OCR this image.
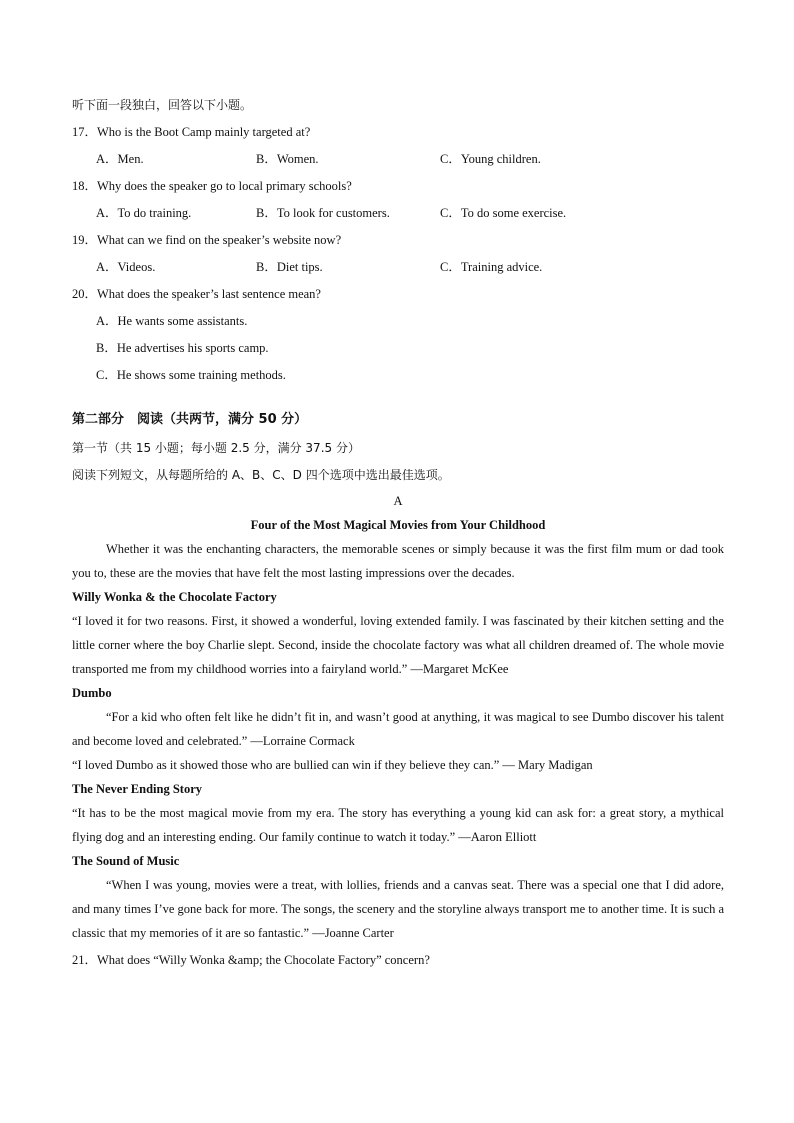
听下面一段独白，回答以下小题。
17．Who is the Boot Camp mainly targeted at?
A．Men.	B．Women.	C．Young children.
18．Why does the speaker go to local primary schools?
A．To do training.	B．To look for customers.	C．To do some exercise.
19．What can we find on the speaker’s website now?
A．Videos.	B．Diet tips.	C．Training advice.
20．What does the speaker’s last sentence mean?
A．He wants some assistants.
B．He advertises his sports camp.
C．He shows some training methods.
第二部分　阅读（共两节，满分 50 分）
第一节（共 15 小题；每小题 2.5 分，满分 37.5 分）
阅读下列短文，从每题所给的 A、B、C、D 四个选项中选出最佳选项。
A
Four of the Most Magical Movies from Your Childhood
Whether it was the enchanting characters, the memorable scenes or simply because it was the first film mum or dad took you to, these are the movies that have felt the most lasting impressions over the decades.
Willy Wonka & the Chocolate Factory
“I loved it for two reasons. First, it showed a wonderful, loving extended family. I was fascinated by their kitchen setting and the little corner where the boy Charlie slept. Second, inside the chocolate factory was what all children dreamed of. The whole movie transported me from my childhood worries into a fairyland world.” —Margaret McKee
Dumbo
“For a kid who often felt like he didn’t fit in, and wasn’t good at anything, it was magical to see Dumbo discover his talent and become loved and celebrated.” —Lorraine Cormack
“I loved Dumbo as it showed those who are bullied can win if they believe they can.” — Mary Madigan
The Never Ending Story
“It has to be the most magical movie from my era. The story has everything a young kid can ask for: a great story, a mythical flying dog and an interesting ending. Our family continue to watch it today.” —Aaron Elliott
The Sound of Music
“When I was young, movies were a treat, with lollies, friends and a canvas seat. There was a special one that I did adore, and many times I’ve gone back for more. The songs, the scenery and the storyline always transport me to another time. It is such a classic that my memories of it are so fantastic.” —Joanne Carter
21．What does “Willy Wonka &amp; the Chocolate Factory” concern?
